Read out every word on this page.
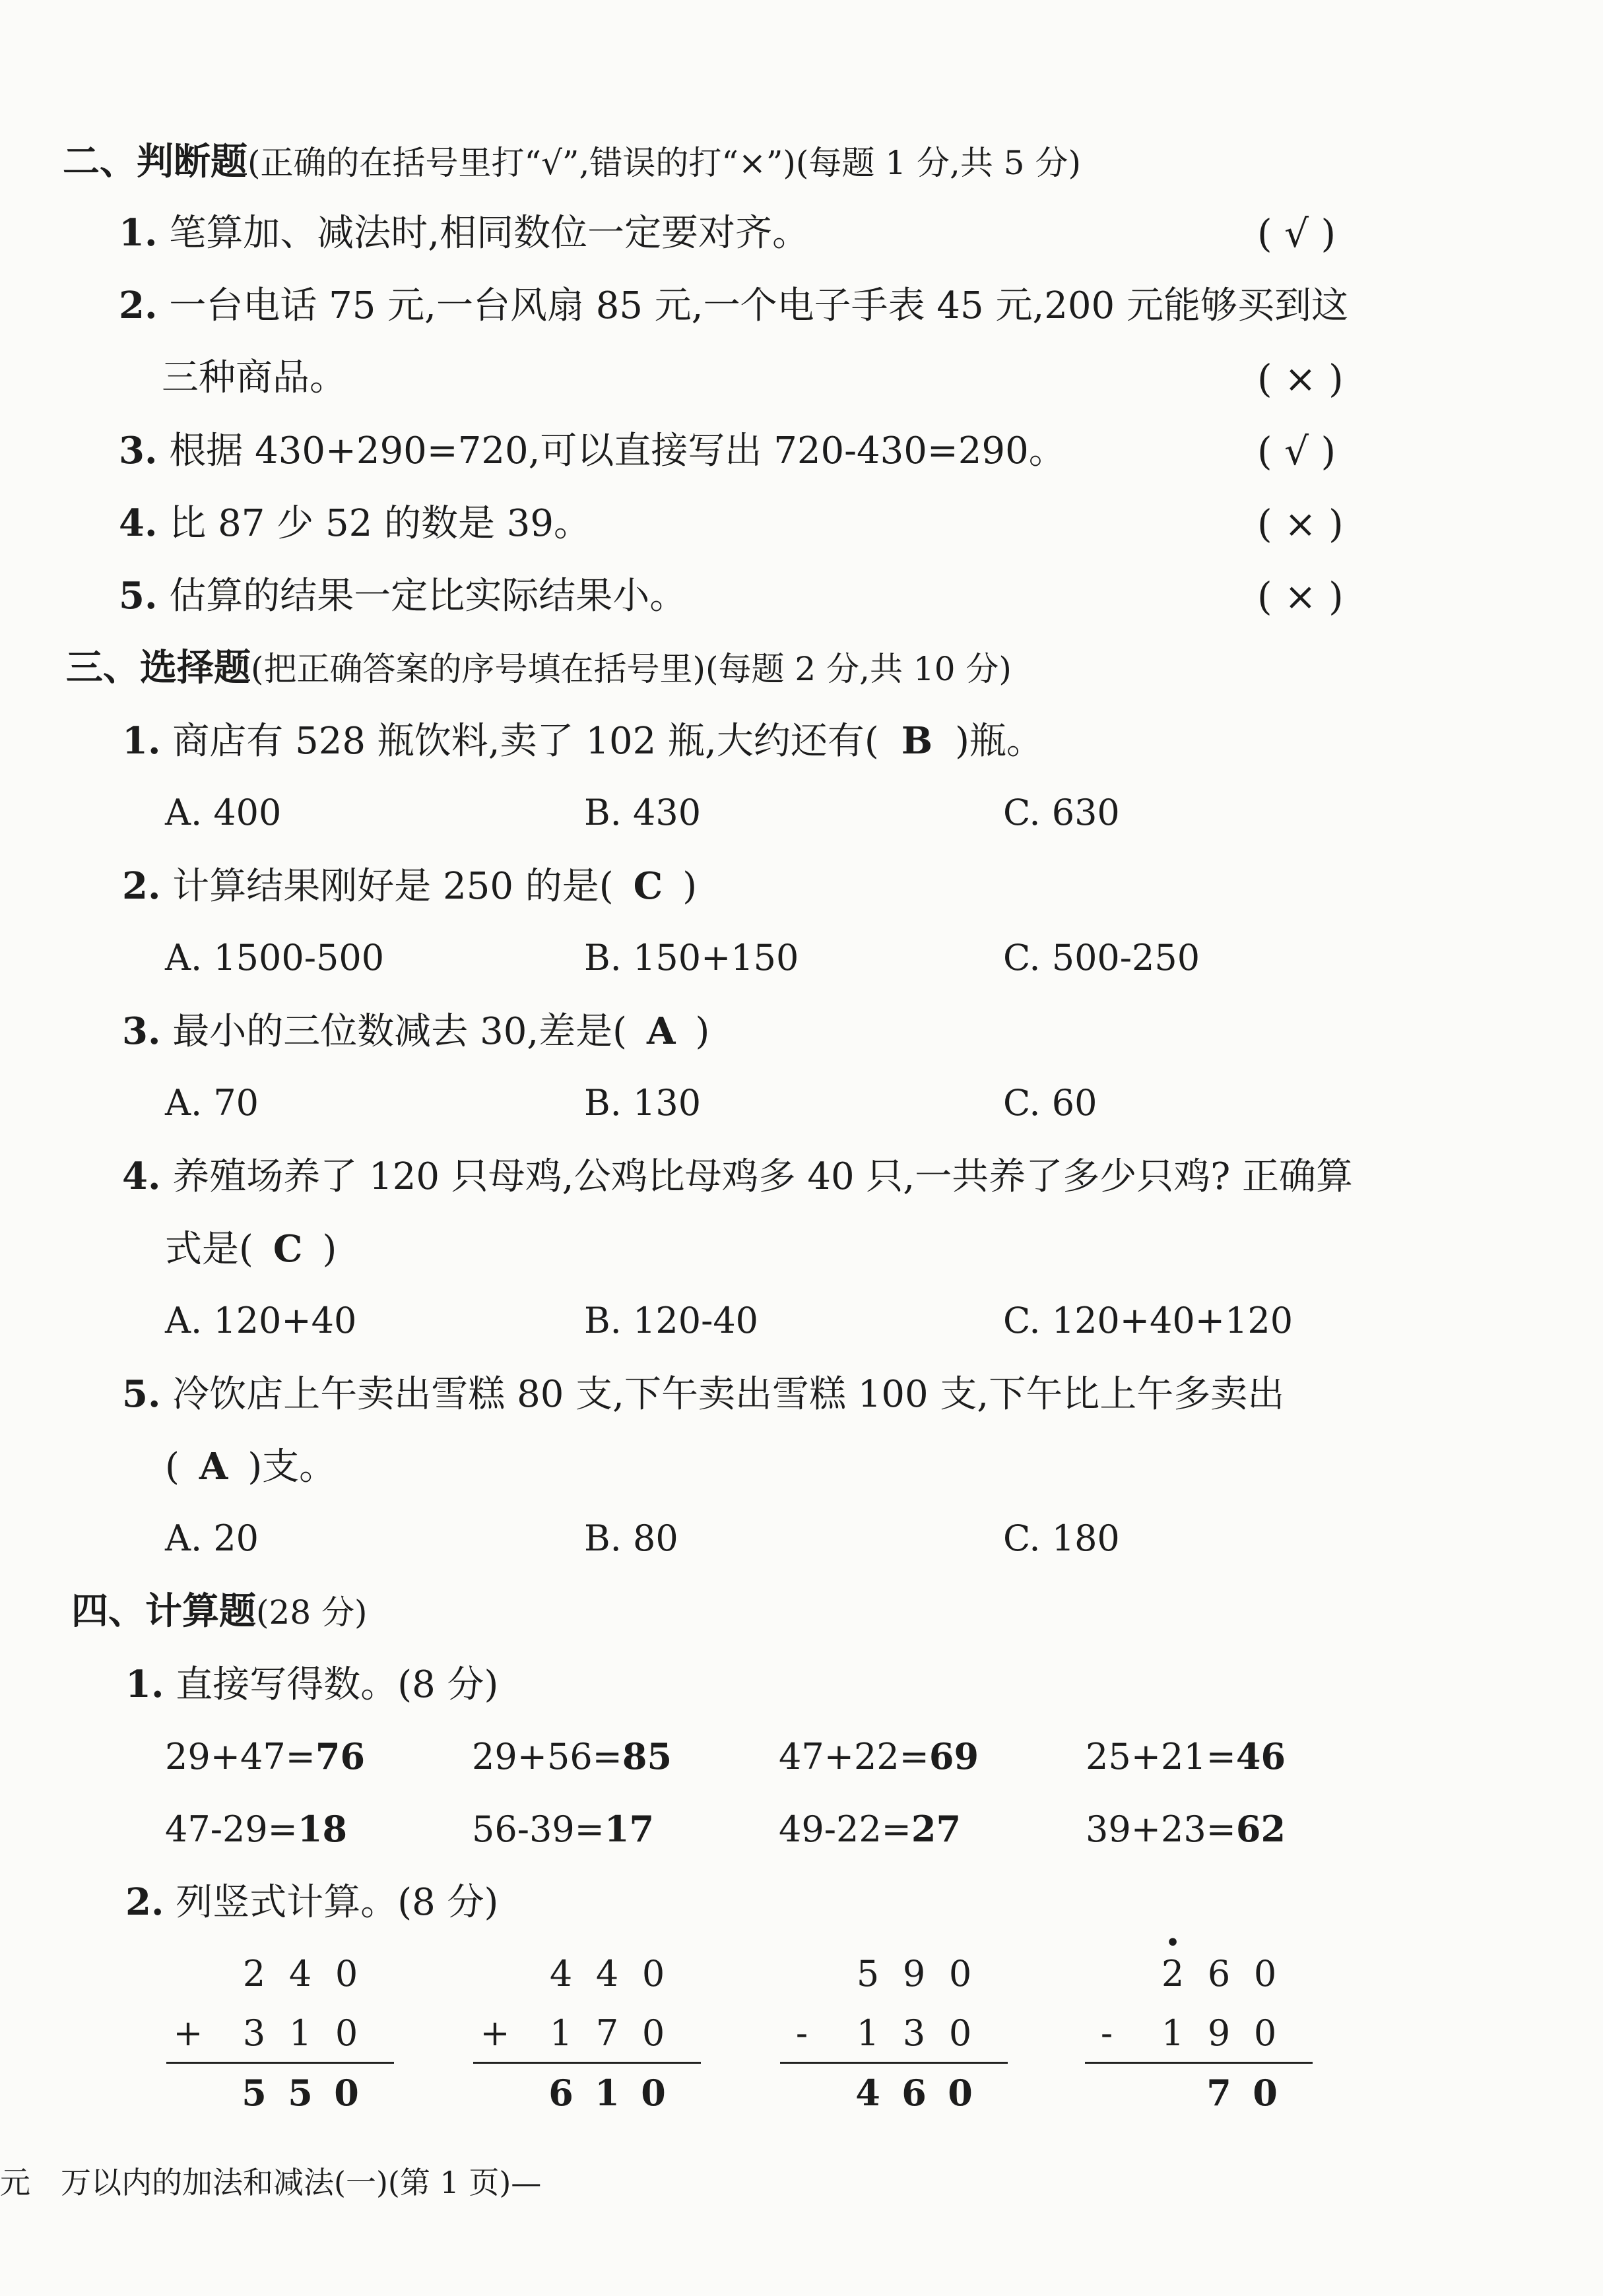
二、判断题(正确的在括号里打“√”,错误的打“×”)(每题 1 分,共 5 分)
1. 笔算加、减法时,相同数位一定要对齐。	( √ )
2. 一台电话 75 元,一台风扇 85 元,一个电子手表 45 元,200 元能够买到这
三种商品。	( × )
3. 根据 430+290=720,可以直接写出 720-430=290。	( √ )
4. 比 87 少 52 的数是 39。	( × )
5. 估算的结果一定比实际结果小。	( × )
三、选择题(把正确答案的序号填在括号里)(每题 2 分,共 10 分)
1. 商店有 528 瓶饮料,卖了 102 瓶,大约还有( B )瓶。
A. 400	B. 430	C. 630
2. 计算结果刚好是 250 的是( C )
A. 1500-500	B. 150+150	C. 500-250
3. 最小的三位数减去 30,差是( A )
A. 70	B. 130	C. 60
4. 养殖场养了 120 只母鸡,公鸡比母鸡多 40 只,一共养了多少只鸡? 正确算
式是( C )
A. 120+40	B. 120-40	C. 120+40+120
5. 冷饮店上午卖出雪糕 80 支,下午卖出雪糕 100 支,下午比上午多卖出
( A )支。
A. 20	B. 80	C. 180
四、计算题(28 分)
1. 直接写得数。(8 分)
29+47=76	29+56=85	47+22=69	25+21=46
47-29=18	56-39=17	49-22=27	39+23=62
2. 列竖式计算。(8 分)
2 4 0
+ 3 1 0
5 5 0
4 4 0
+ 1 7 0
6 1 0
5 9 0
- 1 3 0
4 6 0
•
2 6 0
- 1 9 0
7 0
元　万以内的加法和减法(一)(第 1 页)—
